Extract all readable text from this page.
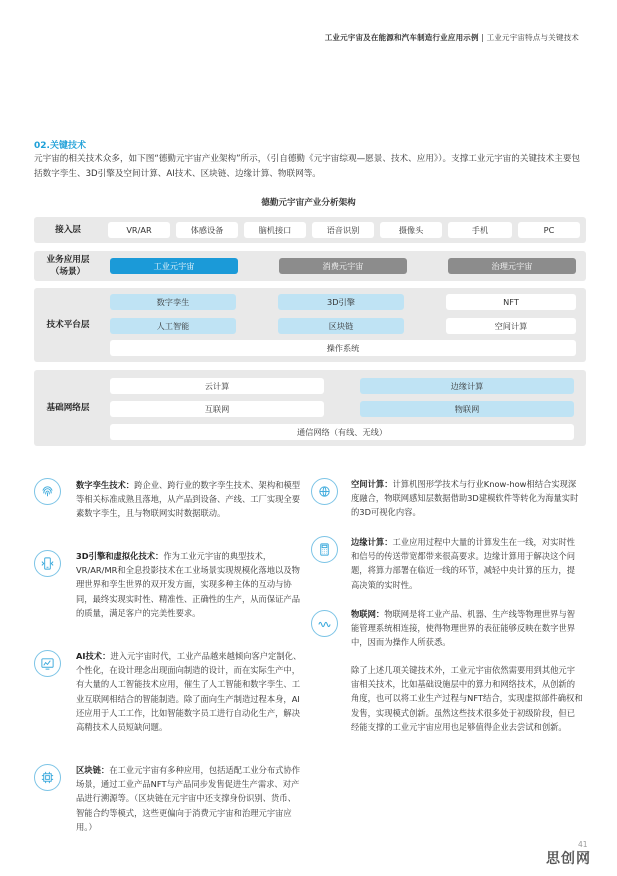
工业元宇宙及在能源和汽车制造行业应用示例 | 工业元宇宙特点与关键技术
02.关键技术
元宇宙的相关技术众多，如下图“德勤元宇宙产业架构”所示，（引自德勤《元宇宙综观—愿景、技术、应用》）。支撑工业元宇宙的关键技术主要包括数字孪生、3D引擎及空间计算、AI技术、区块链、边缘计算、物联网等。
德勤元宇宙产业分析架构
接入层	VR/AR	体感设备	脑机接口	语音识别	摄像头	手机	PC
业务应用层
（场景）
工业元宇宙	消费元宇宙	治理元宇宙
技术平台层
数字孪生	3D引擎	NFT
人工智能	区块链	空间计算
操作系统
基础网络层
云计算	边缘计算
互联网	物联网
通信网络（有线、无线）
数字孪生技术：跨企业、跨行业的数字孪生技术、架构和模型等相关标准成熟且落地，从产品到设备、产线、工厂实现全要素数字孪生，且与物联网实时数据联动。
3D引擎和虚拟化技术：作为工业元宇宙的典型技术，VR/AR/MR和全息投影技术在工业场景实现规模化落地以及物理世界和孪生世界的双开发方面，实现多种主体的互动与协同，最终实现实时性、精准性、正确性的生产，从而保证产品的质量，满足客户的完美性要求。
AI技术：进入元宇宙时代，工业产品越来越倾向客户定制化、个性化，在设计理念出现面向制造的设计，而在实际生产中，有大量的人工智能技术应用，催生了人工智能和数字孪生、工业互联网相结合的智能制造。除了面向生产制造过程本身，AI还应用于人工工作，比如智能数字员工进行自动化生产，解决高精技术人员短缺问题。
区块链：在工业元宇宙有多种应用，包括适配工业分布式协作场景，通过工业产品NFT与产品同步发售促进生产需求、对产品进行溯源等。（区块链在元宇宙中还支撑身份识别、货币、智能合约等模式，这些更偏向于消费元宇宙和治理元宇宙应用。）
空间计算：计算机图形学技术与行业Know-how相结合实现深度融合，物联网感知层数据借助3D建模软件等转化为海量实时的3D可视化内容。
边缘计算：工业应用过程中大量的计算发生在一线，对实时性和信号的传送带宽都带来很高要求。边缘计算用于解决这个问题，将算力部署在临近一线的环节，减轻中央计算的压力，提高决策的实时性。
物联网：物联网是将工业产品、机器、生产线等物理世界与智能管理系统相连接，使得物理世界的表征能够反映在数字世界中，因而为操作人所获悉。
除了上述几项关键技术外，工业元宇宙依然需要用到其他元宇宙相关技术，比如基础设施层中的算力和网络技术，从创新的角度，也可以将工业生产过程与NFT结合，实现虚拟部件确权和发售，实现模式创新。虽然这些技术很多处于初级阶段，但已经能支撑的工业元宇宙应用也足够值得企业去尝试和创新。
41
思创网
